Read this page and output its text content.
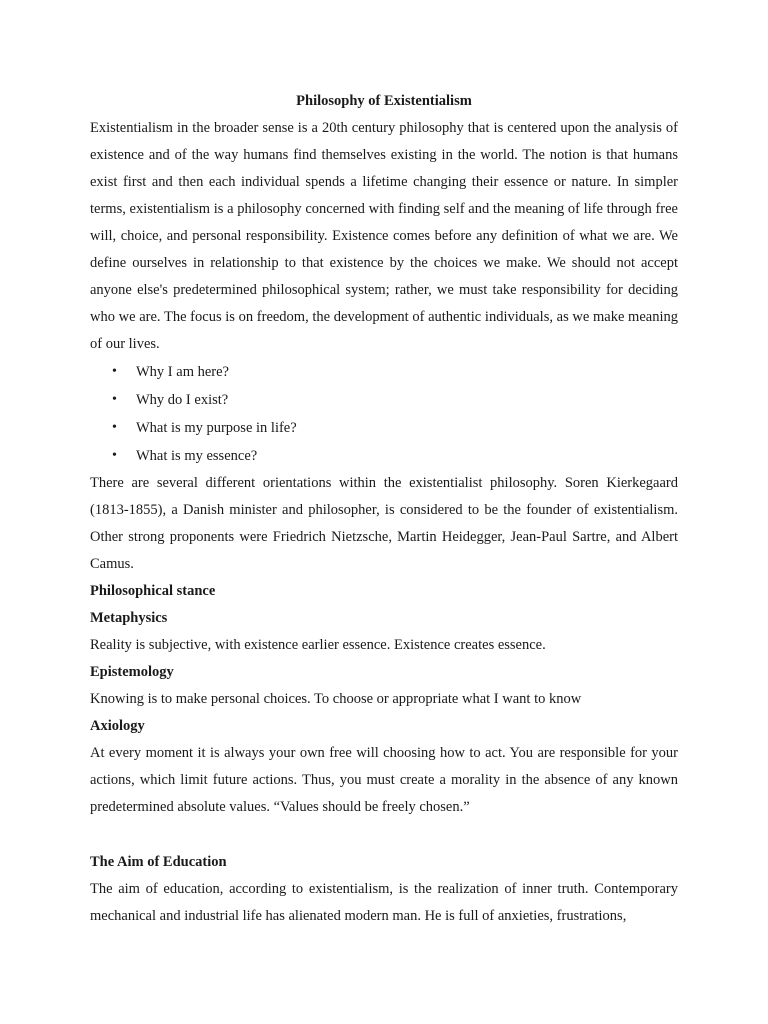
Philosophy of Existentialism

Existentialism in the broader sense is a 20th century philosophy that is centered upon the analysis of existence and of the way humans find themselves existing in the world. The notion is that humans exist first and then each individual spends a lifetime changing their essence or nature. In simpler terms, existentialism is a philosophy concerned with finding self and the meaning of life through free will, choice, and personal responsibility. Existence comes before any definition of what we are. We define ourselves in relationship to that existence by the choices we make. We should not accept anyone else's predetermined philosophical system; rather, we must take responsibility for deciding who we are. The focus is on freedom, the development of authentic individuals, as we make meaning of our lives.

• Why I am here?
• Why do I exist?
• What is my purpose in life?
• What is my essence?

There are several different orientations within the existentialist philosophy. Soren Kierkegaard (1813-1855), a Danish minister and philosopher, is considered to be the founder of existentialism. Other strong proponents were Friedrich Nietzsche, Martin Heidegger, Jean-Paul Sartre, and Albert Camus.

Philosophical stance
Metaphysics

Reality is subjective, with existence earlier essence. Existence creates essence.

Epistemology

Knowing is to make personal choices. To choose or appropriate what I want to know

Axiology

At every moment it is always your own free will choosing how to act. You are responsible for your actions, which limit future actions. Thus, you must create a morality in the absence of any known predetermined absolute values. “Values should be freely chosen.”

The Aim of Education

The aim of education, according to existentialism, is the realization of inner truth. Contemporary mechanical and industrial life has alienated modern man. He is full of anxieties, frustrations,
